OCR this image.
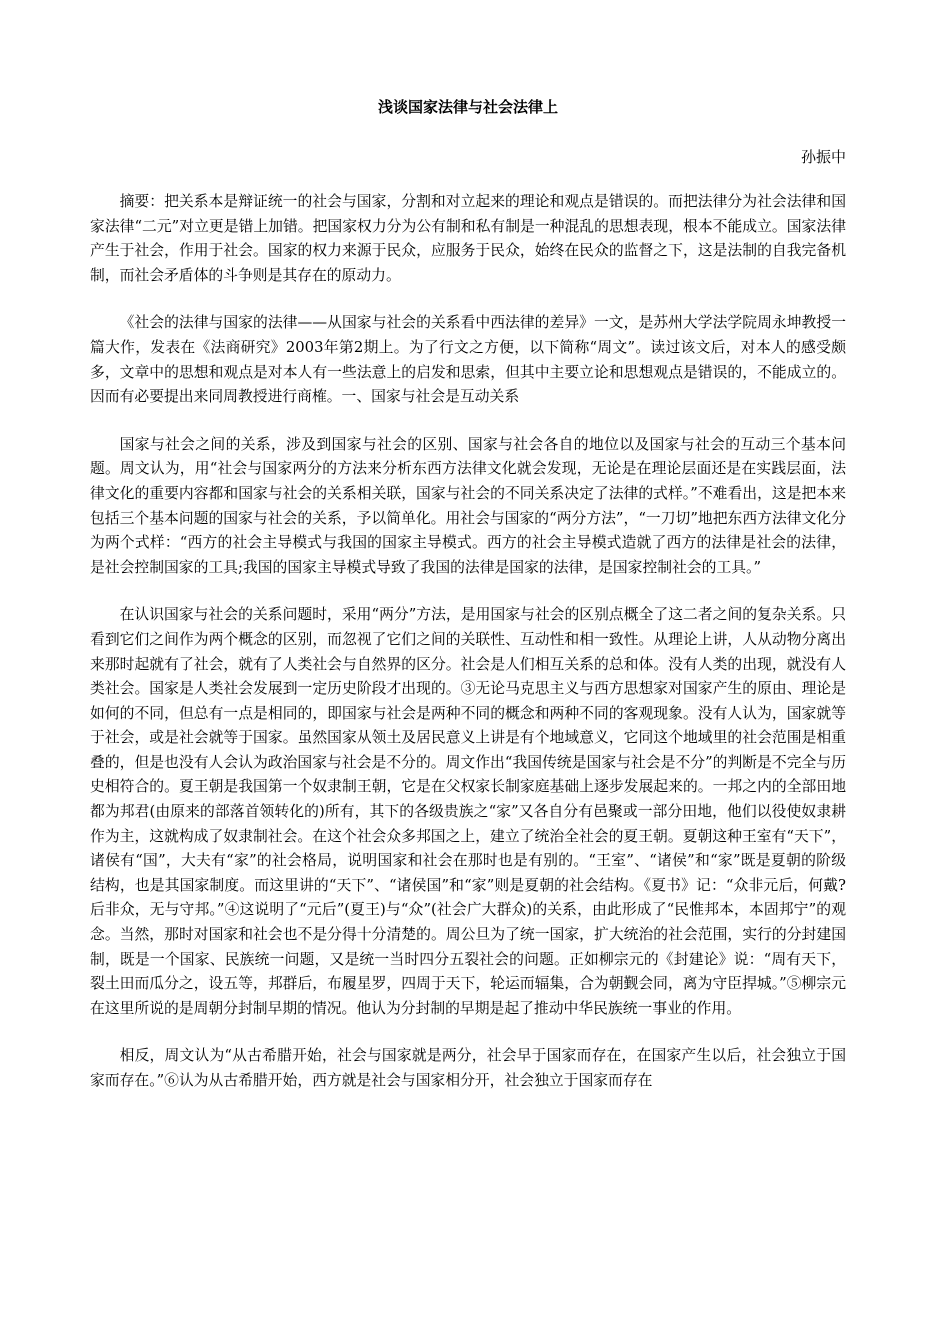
浅谈国家法律与社会法律上
孙振中

摘要：把关系本是辩证统一的社会与国家，分割和对立起来的理论和观点是错误的。而把法律分为社会法律和国家法律“二元”对立更是错上加错。把国家权力分为公有制和私有制是一种混乱的思想表现，根本不能成立。国家法律产生于社会，作用于社会。国家的权力来源于民众，应服务于民众，始终在民众的监督之下，这是法制的自我完备机制，而社会矛盾体的斗争则是其存在的原动力。

《社会的法律与国家的法律——从国家与社会的关系看中西法律的差异》一文，是苏州大学法学院周永坤教授一篇大作，发表在《法商研究》2003年第2期上。为了行文之方便，以下简称“周文”。读过该文后，对本人的感受颇多，文章中的思想和观点是对本人有一些法意上的启发和思索，但其中主要立论和思想观点是错误的，不能成立的。因而有必要提出来同周教授进行商榷。一、国家与社会是互动关系

国家与社会之间的关系，涉及到国家与社会的区别、国家与社会各自的地位以及国家与社会的互动三个基本问题。周文认为，用“社会与国家两分的方法来分析东西方法律文化就会发现，无论是在理论层面还是在实践层面，法律文化的重要内容都和国家与社会的关系相关联，国家与社会的不同关系决定了法律的式样。”不难看出，这是把本来包括三个基本问题的国家与社会的关系，予以简单化。用社会与国家的“两分方法”，“一刀切”地把东西方法律文化分为两个式样：“西方的社会主导模式与我国的国家主导模式。西方的社会主导模式造就了西方的法律是社会的法律，是社会控制国家的工具;我国的国家主导模式导致了我国的法律是国家的法律，是国家控制社会的工具。”

在认识国家与社会的关系问题时，采用“两分”方法，是用国家与社会的区别点概全了这二者之间的复杂关系。只看到它们之间作为两个概念的区别，而忽视了它们之间的关联性、互动性和相一致性。从理论上讲，人从动物分离出来那时起就有了社会，就有了人类社会与自然界的区分。社会是人们相互关系的总和体。没有人类的出现，就没有人类社会。国家是人类社会发展到一定历史阶段才出现的。③无论马克思主义与西方思想家对国家产生的原由、理论是如何的不同，但总有一点是相同的，即国家与社会是两种不同的概念和两种不同的客观现象。没有人认为，国家就等于社会，或是社会就等于国家。虽然国家从领土及居民意义上讲是有个地域意义，它同这个地域里的社会范围是相重叠的，但是也没有人会认为政治国家与社会是不分的。周文作出“我国传统是国家与社会是不分”的判断是不完全与历史相符合的。夏王朝是我国第一个奴隶制王朝，它是在父权家长制家庭基础上逐步发展起来的。一邦之内的全部田地都为邦君(由原来的部落首领转化的)所有，其下的各级贵族之“家”又各自分有邑聚或一部分田地，他们以役使奴隶耕作为主，这就构成了奴隶制社会。在这个社会众多邦国之上，建立了统治全社会的夏王朝。夏朝这种王室有“天下”，诸侯有“国”，大夫有“家”的社会格局，说明国家和社会在那时也是有别的。“王室”、“诸侯”和“家”既是夏朝的阶级结构，也是其国家制度。而这里讲的“天下”、“诸侯国”和“家”则是夏朝的社会结构。《夏书》记：“众非元后，何戴?后非众，无与守邦。”④这说明了“元后”(夏王)与“众”(社会广大群众)的关系，由此形成了“民惟邦本，本固邦宁”的观念。当然，那时对国家和社会也不是分得十分清楚的。周公旦为了统一国家，扩大统治的社会范围，实行的分封建国制，既是一个国家、民族统一问题，又是统一当时四分五裂社会的问题。正如柳宗元的《封建论》说：“周有天下，裂土田而瓜分之，设五等，邦群后，布履星罗，四周于天下，轮运而辐集，合为朝觐会同，离为守臣捍城。”⑤柳宗元在这里所说的是周朝分封制早期的情况。他认为分封制的早期是起了推动中华民族统一事业的作用。

相反，周文认为“从古希腊开始，社会与国家就是两分，社会早于国家而存在，在国家产生以后，社会独立于国家而存在。”⑥认为从古希腊开始，西方就是社会与国家相分开，社会独立于国家而存在
